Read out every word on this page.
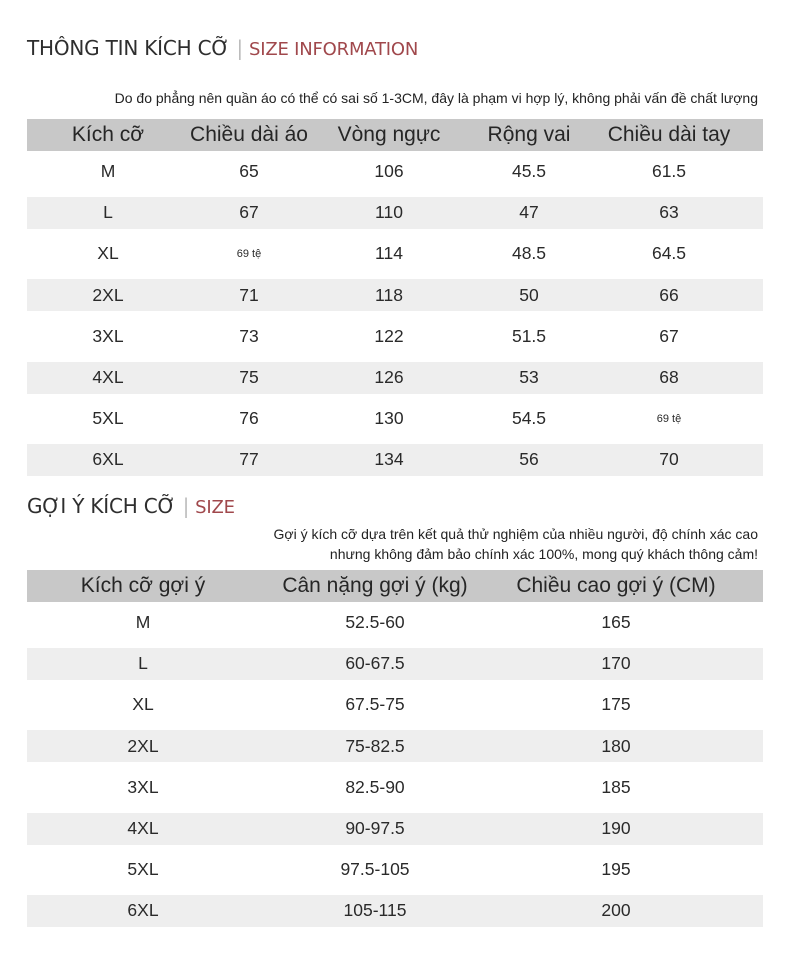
THÔNG TIN KÍCH CỠ | SIZE INFORMATION
Do đo phẳng nên quần áo có thể có sai số 1-3CM, đây là phạm vi hợp lý, không phải vấn đề chất lượng
Kích cỡ	Chiều dài áo	Vòng ngực	Rộng vai	Chiều dài tay
M	65	106	45.5	61.5
L	67	110	47	63
XL	69 tệ	114	48.5	64.5
2XL	71	118	50	66
3XL	73	122	51.5	67
4XL	75	126	53	68
5XL	76	130	54.5	69 tệ
6XL	77	134	56	70
GỢI Ý KÍCH CỠ | SIZE
Gợi ý kích cỡ dựa trên kết quả thử nghiệm của nhiều người, độ chính xác cao
nhưng không đảm bảo chính xác 100%, mong quý khách thông cảm!
Kích cỡ gợi ý	Cân nặng gợi ý (kg)	Chiều cao gợi ý (CM)
M	52.5-60	165
L	60-67.5	170
XL	67.5-75	175
2XL	75-82.5	180
3XL	82.5-90	185
4XL	90-97.5	190
5XL	97.5-105	195
6XL	105-115	200
